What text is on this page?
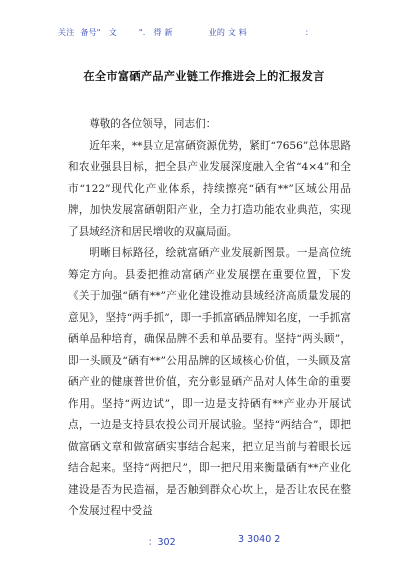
关注 备号" 文	". 得 新	业的 文 料	：
在全市富硒产品产业链工作推进会上的汇报发言

尊敬的各位领导，同志们：

近年来，**县立足富硒资源优势，紧盯“7656”总体思路和农业强县目标，把全县产业发展深度融入全省“4×4”和全市“122”现代化产业体系，持续擦亮“硒有**”区域公用品牌，加快发展富硒朝阳产业，全力打造功能农业典范，实现了县域经济和居民增收的双赢局面。

明晰目标路径，绘就富硒产业发展新图景。一是高位统筹定方向。县委把推动富硒产业发展摆在重要位置，下发《关于加强“硒有**”产业化建设推动县域经济高质量发展的意见》，坚持“两手抓”，即一手抓富硒品牌知名度，一手抓富硒单品种培育，确保品牌不丢和单品要有。坚持“两头顾”，即一头顾及“硒有**”公用品牌的区域核心价值，一头顾及富硒产业的健康普世价值，充分彰显硒产品对人体生命的重要作用。坚持“两边试”，即一边是支持硒有**产业办开展试点，一边是支持县农投公司开展试验。坚持“两结合”，即把做富硒文章和做富硒实事结合起来，把立足当前与着眼长远结合起来。坚持“两把尺”，即一把尺用来衡量硒有**产业化建设是否为民造福，是否触到群众心坎上，是否让农民在整个发展过程中受益

：302	3 3040 2
